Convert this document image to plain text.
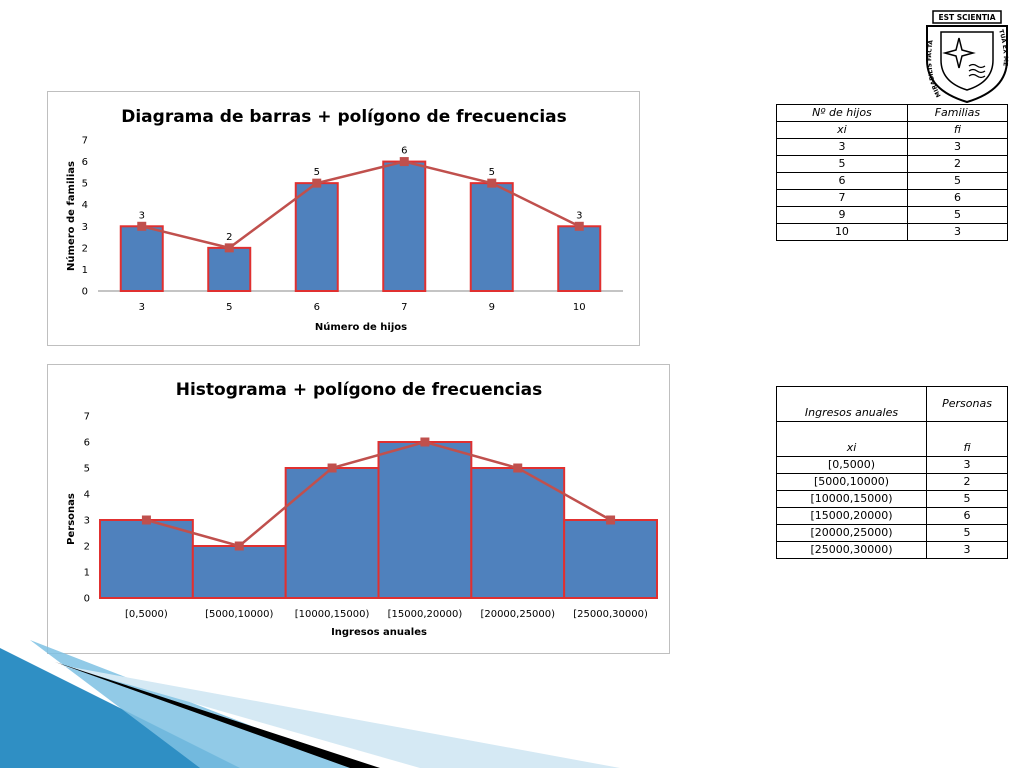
Diagrama de barras + polígono de frecuencias
0
1
2
3
4
5
6
7
3
3
5
2
6
5
7
6
9
5
10
3
Número de hijos
Número de familias
Histograma + polígono de frecuencias
0
1
2
3
4
5
6
7
[0,5000)	[5000,10000) [10000,15000) [15000,20000) [20000,25000) [25000,30000)
Ingresos anuales
Personas
Nº de hijos	Familias
xi	fi
3	3
5	2
6	5
7	6
9	5
10	3
Ingresos anuales	Personas
xi	fi
[0,5000)	3
[5000,10000)	2
[10000,15000)	5
[15000,20000)	6
[20000,25000)	5
[25000,30000)	3
EST SCIENTIA
MIRABILIS FACTA
TUA EX ME
